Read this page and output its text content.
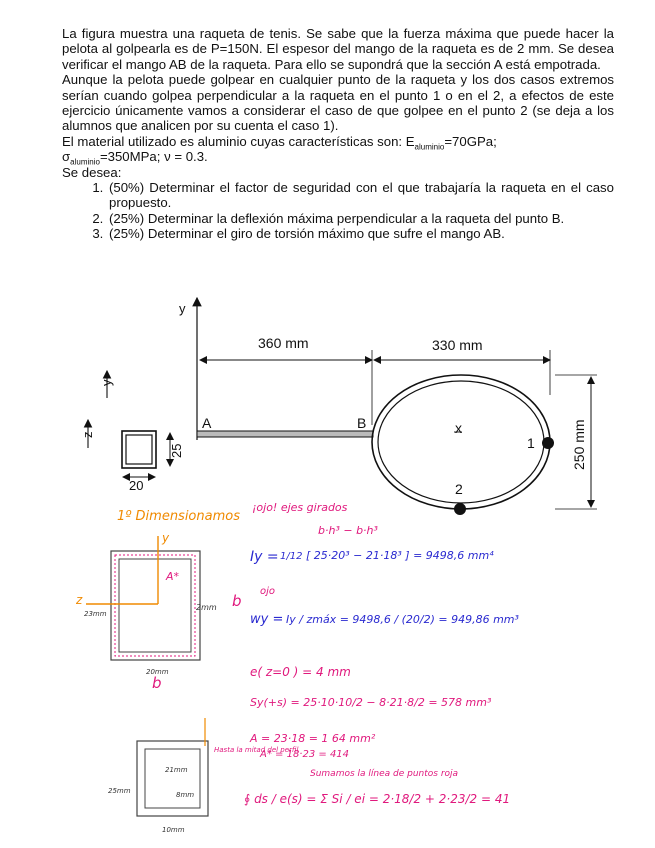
La figura muestra una raqueta de tenis. Se sabe que la fuerza máxima que puede hacer la pelota al golpearla es de P=150N. El espesor del mango de la raqueta es de 2 mm. Se desea verificar el mango AB de la raqueta. Para ello se supondrá que la sección A está empotrada.

Aunque la pelota puede golpear en cualquier punto de la raqueta y los dos casos extremos serían cuando golpea perpendicular a la raqueta en el punto 1 o en el 2, a efectos de este ejercicio únicamente vamos a considerar el caso de que golpee en el punto 2 (se deja a los alumnos que analicen por su cuenta el caso 1).

El material utilizado es aluminio cuyas características son: $E_{aluminio}=70GPa$;
$\sigma_{aluminio}=350MPa$; ν = 0.3.

Se desea:

1. (50%) Determinar el factor de seguridad con el que trabajaría la raqueta en el caso propuesto.
2. (25%) Determinar la deflexión máxima perpendicular a la raqueta del punto B.
3. (25%) Determinar el giro de torsión máximo que sufre el mango AB.
y
360 mm	330 mm
250 mm
A	B	x
1
2
y
z
25
20
1º Dimensionamos
¡ojo! ejes girados
b·h³ − b·h³
y
z
A*
2mm
23mm
20mm
b
b
Iy = 1/12 [ 25·20³ − 21·18³ ] = 9498,6 mm⁴
ojo
wy = Iy / zmáx = 9498,6 / (20/2) = 949,86 mm³
e( z=0 ) = 4 mm
Sy(+s) = 25·10·10/2 − 8·21·8/2 = 578 mm³
A = 23·18 = 1 64 mm²
A* = 18·23 = 414
Hasta la mitad del perfil
Sumamos la línea de puntos roja
∮ ds / e(s) = Σ Si / ei = 2·18/2 + 2·23/2 = 41
21mm
25mm	8mm
10mm
